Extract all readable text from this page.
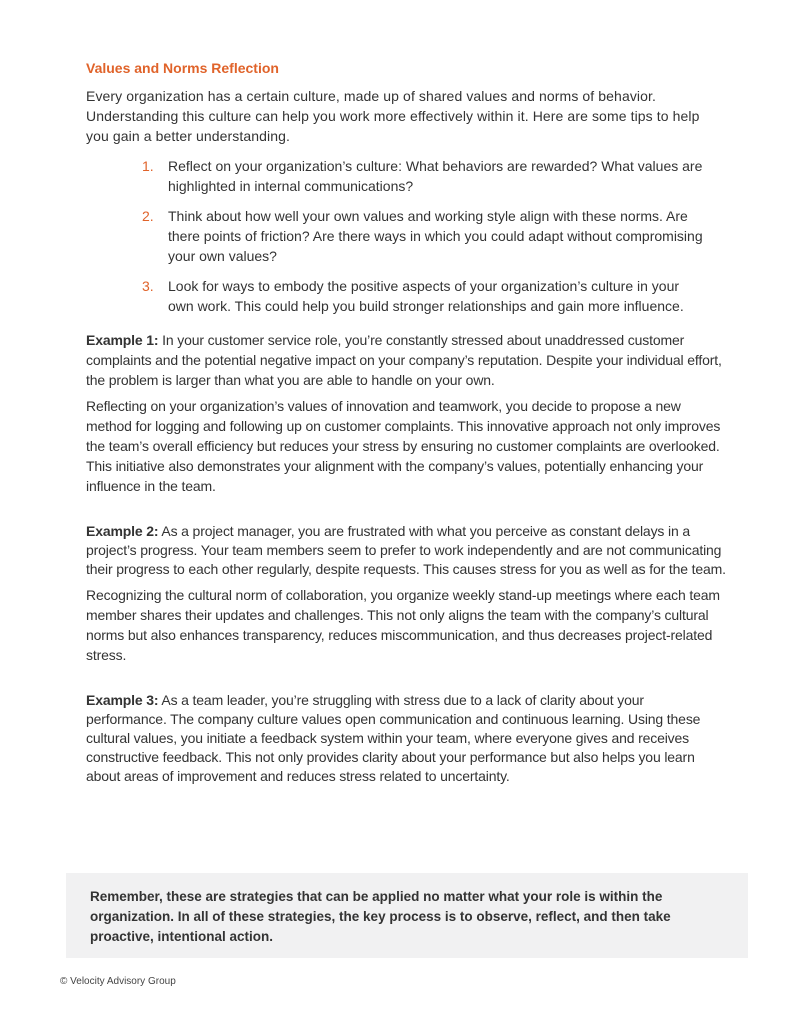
Values and Norms Reflection

Every organization has a certain culture, made up of shared values and norms of behavior. Understanding this culture can help you work more effectively within it. Here are some tips to help you gain a better understanding.

1.	Reflect on your organization’s culture: What behaviors are rewarded? What values are highlighted in internal communications?
2.	Think about how well your own values and working style align with these norms. Are there points of friction? Are there ways in which you could adapt without compromising your own values?
3.	Look for ways to embody the positive aspects of your organization’s culture in your own work. This could help you build stronger relationships and gain more influence.

Example 1: In your customer service role, you’re constantly stressed about unaddressed customer complaints and the potential negative impact on your company’s reputation. Despite your individual effort, the problem is larger than what you are able to handle on your own.

Reflecting on your organization’s values of innovation and teamwork, you decide to propose a new method for logging and following up on customer complaints. This innovative approach not only improves the team’s overall efficiency but reduces your stress by ensuring no customer complaints are overlooked. This initiative also demonstrates your alignment with the company’s values, potentially enhancing your influence in the team.

Example 2: As a project manager, you are frustrated with what you perceive as constant delays in a project’s progress. Your team members seem to prefer to work independently and are not communicating their progress to each other regularly, despite requests. This causes stress for you as well as for the team.

Recognizing the cultural norm of collaboration, you organize weekly stand-up meetings where each team member shares their updates and challenges. This not only aligns the team with the company’s cultural norms but also enhances transparency, reduces miscommunication, and thus decreases project-related stress.

Example 3: As a team leader, you’re struggling with stress due to a lack of clarity about your performance. The company culture values open communication and continuous learning. Using these cultural values, you initiate a feedback system within your team, where everyone gives and receives constructive feedback. This not only provides clarity about your performance but also helps you learn about areas of improvement and reduces stress related to uncertainty.

Remember, these are strategies that can be applied no matter what your role is within the organization. In all of these strategies, the key process is to observe, reflect, and then take proactive, intentional action.

© Velocity Advisory Group
